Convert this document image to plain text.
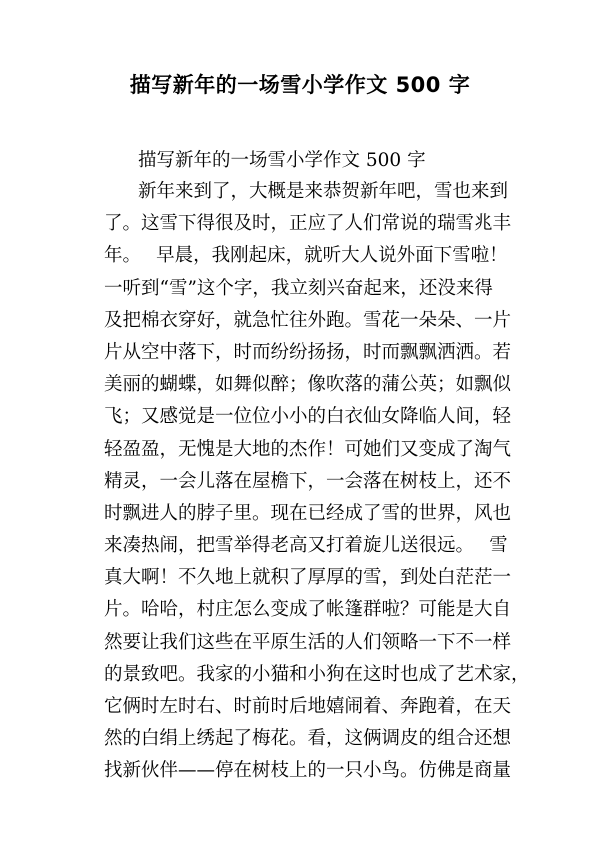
描写新年的一场雪小学作文 500 字
描写新年的一场雪小学作文 500 字
新年来到了，大概是来恭贺新年吧，雪也来到
了。这雪下得很及时，正应了人们常说的瑞雪兆丰
年。　 早晨，我刚起床，就听大人说外面下雪啦！
一听到“雪”这个字，我立刻兴奋起来，还没来得
及把棉衣穿好，就急忙往外跑。雪花一朵朵、一片
片从空中落下，时而纷纷扬扬，时而飘飘洒洒。若
美丽的蝴蝶，如舞似醉；像吹落的蒲公英；如飘似
飞；又感觉是一位位小小的白衣仙女降临人间，轻
轻盈盈，无愧是大地的杰作！可她们又变成了淘气
精灵，一会儿落在屋檐下，一会落在树枝上，还不
时飘进人的脖子里。现在已经成了雪的世界，风也
来凑热闹，把雪举得老高又打着旋儿送很远。　 雪
真大啊！不久地上就积了厚厚的雪，到处白茫茫一
片。哈哈，村庄怎么变成了帐篷群啦？可能是大自
然要让我们这些在平原生活的人们领略一下不一样
的景致吧。我家的小猫和小狗在这时也成了艺术家，
它俩时左时右、时前时后地嬉闹着、奔跑着，在天
然的白绢上绣起了梅花。看，这俩调皮的组合还想
找新伙伴——停在树枝上的一只小鸟。仿佛是商量
